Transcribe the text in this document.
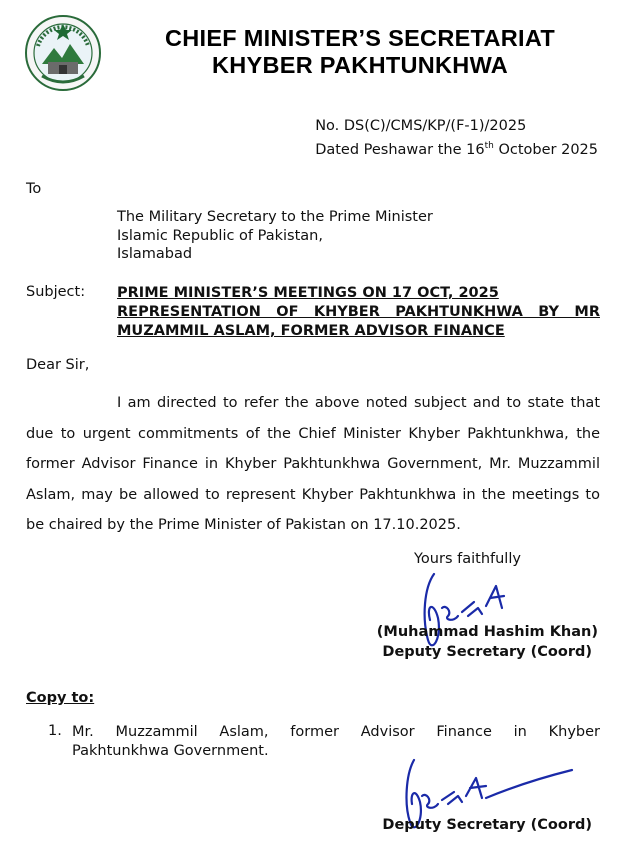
CHIEF MINISTER’S SECRETARIAT
KHYBER PAKHTUNKHWA
No. DS(C)/CMS/KP/(F-1)/2025
Dated Peshawar the 16th October 2025
To
The Military Secretary to the Prime Minister
Islamic Republic of Pakistan,
Islamabad
Subject: PRIME MINISTER’S MEETINGS ON 17 OCT, 2025
REPRESENTATION OF KHYBER PAKHTUNKHWA BY MR
MUZAMMIL ASLAM, FORMER ADVISOR FINANCE
Dear Sir,
I am directed to refer the above noted subject and to state that due to urgent commitments of the Chief Minister Khyber Pakhtunkhwa, the former Advisor Finance in Khyber Pakhtunkhwa Government, Mr. Muzzammil Aslam, may be allowed to represent Khyber Pakhtunkhwa in the meetings to be chaired by the Prime Minister of Pakistan on 17.10.2025.
Yours faithfully
(Muhammad Hashim Khan)
Deputy Secretary (Coord)
Copy to:
1. Mr. Muzzammil Aslam, former Advisor Finance in Khyber
Pakhtunkhwa Government.
Deputy Secretary (Coord)
